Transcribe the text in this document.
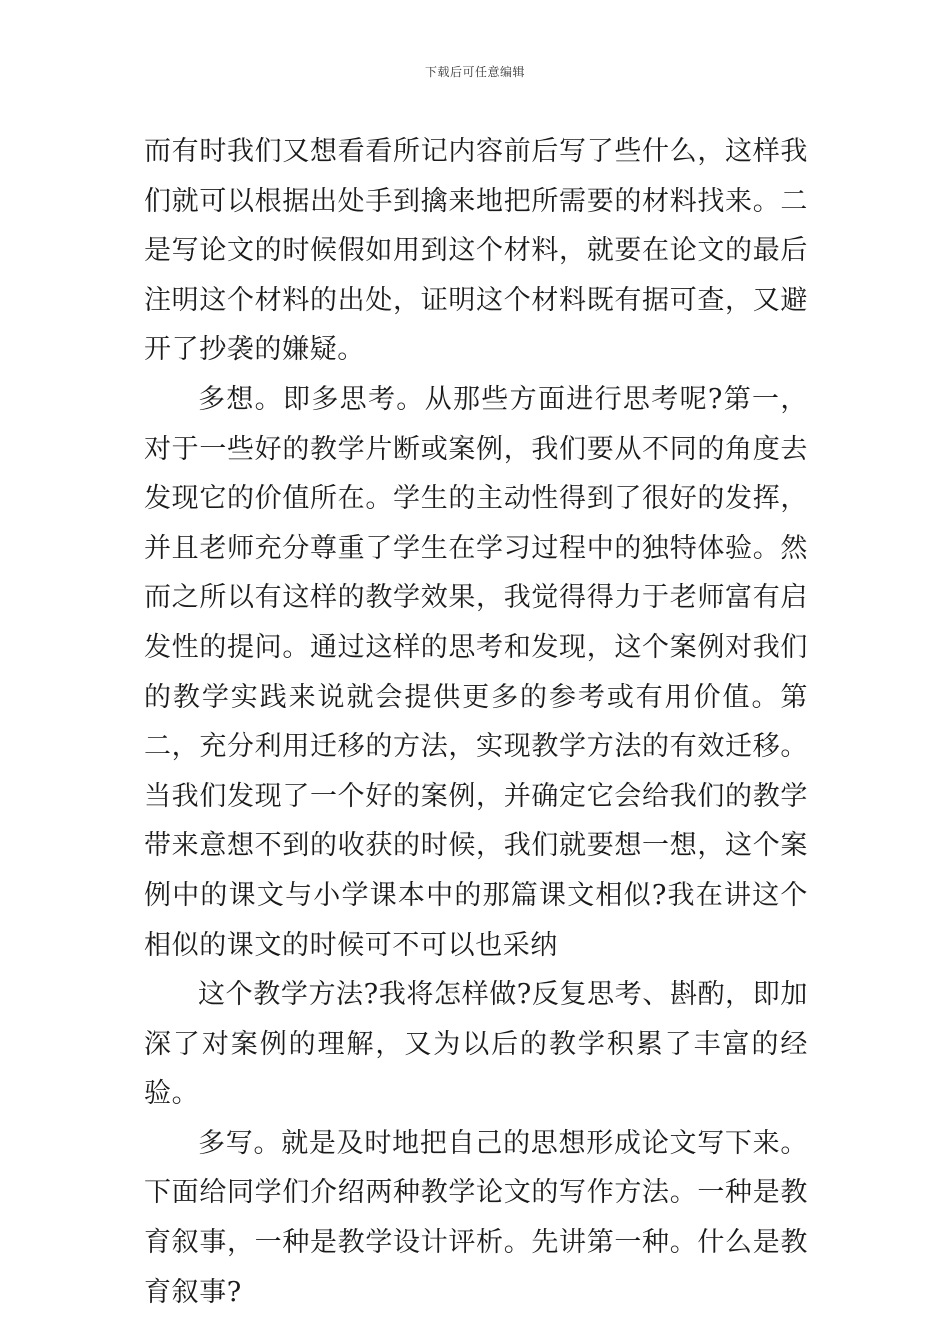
下载后可任意编辑

而有时我们又想看看所记内容前后写了些什么，这样我们就可以根据出处手到擒来地把所需要的材料找来。二是写论文的时候假如用到这个材料，就要在论文的最后注明这个材料的出处，证明这个材料既有据可查，又避开了抄袭的嫌疑。

多想。即多思考。从那些方面进行思考呢?第一，对于一些好的教学片断或案例，我们要从不同的角度去发现它的价值所在。学生的主动性得到了很好的发挥，并且老师充分尊重了学生在学习过程中的独特体验。然而之所以有这样的教学效果，我觉得得力于老师富有启发性的提问。通过这样的思考和发现，这个案例对我们的教学实践来说就会提供更多的参考或有用价值。第二，充分利用迁移的方法，实现教学方法的有效迁移。当我们发现了一个好的案例，并确定它会给我们的教学带来意想不到的收获的时候，我们就要想一想，这个案例中的课文与小学课本中的那篇课文相似?我在讲这个相似的课文的时候可不可以也采纳

这个教学方法?我将怎样做?反复思考、斟酌，即加深了对案例的理解，又为以后的教学积累了丰富的经验。

多写。就是及时地把自己的思想形成论文写下来。下面给同学们介绍两种教学论文的写作方法。一种是教育叙事，一种是教学设计评析。先讲第一种。什么是教育叙事?
